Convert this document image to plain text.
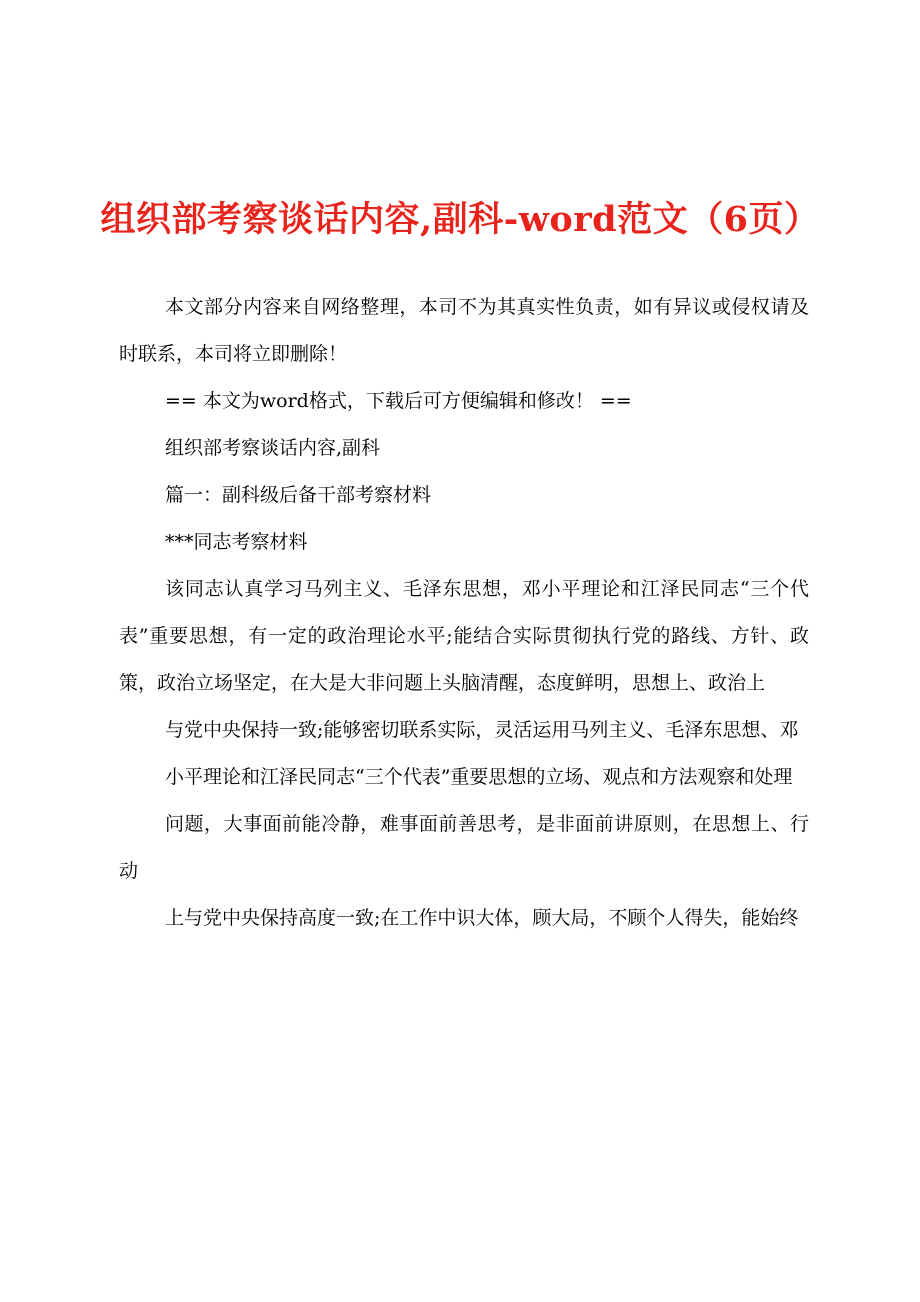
组织部考察谈话内容,副科-word范文（6页）

本文部分内容来自网络整理，本司不为其真实性负责，如有异议或侵权请及时联系，本司将立即删除！

== 本文为word格式，下载后可方便编辑和修改！ ==

组织部考察谈话内容,副科

篇一：副科级后备干部考察材料

***同志考察材料

该同志认真学习马列主义、毛泽东思想，邓小平理论和江泽民同志“三个代表”重要思想，有一定的政治理论水平;能结合实际贯彻执行党的路线、方针、政策，政治立场坚定，在大是大非问题上头脑清醒，态度鲜明，思想上、政治上

与党中央保持一致;能够密切联系实际，灵活运用马列主义、毛泽东思想、邓

小平理论和江泽民同志“三个代表”重要思想的立场、观点和方法观察和处理

问题，大事面前能冷静，难事面前善思考，是非面前讲原则，在思想上、行动

上与党中央保持高度一致;在工作中识大体，顾大局，不顾个人得失，能始终
